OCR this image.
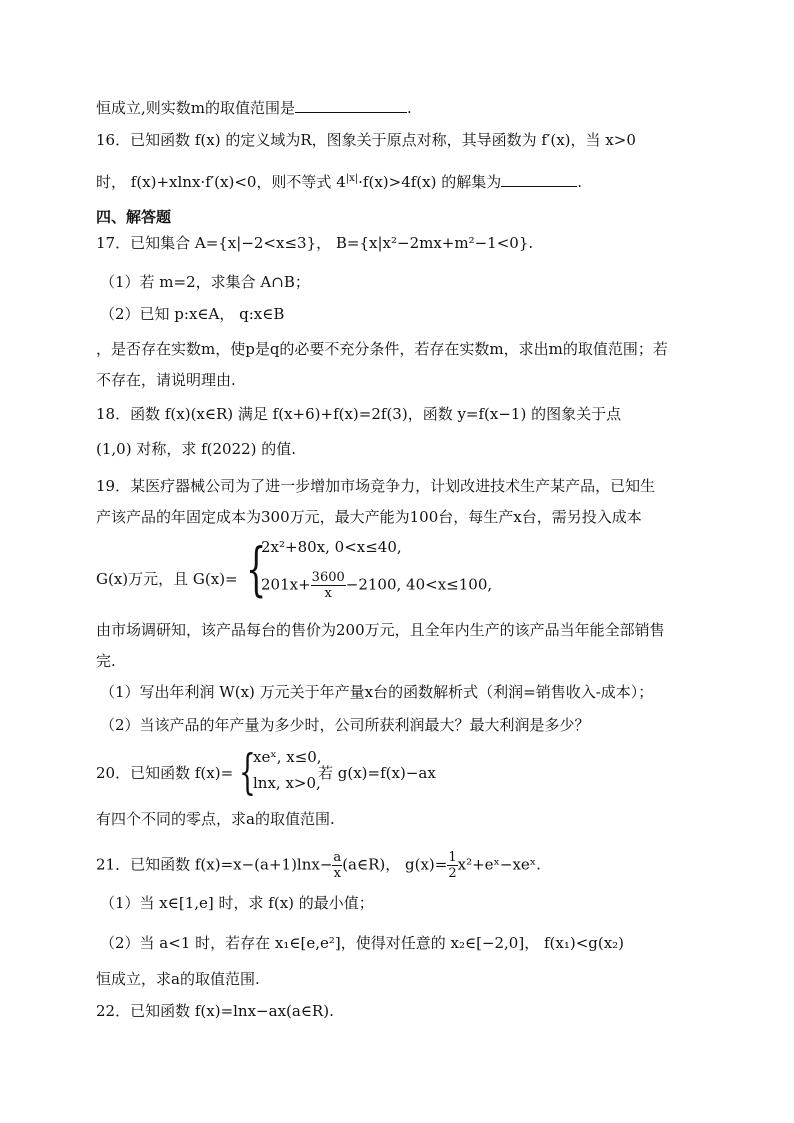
恒成立,则实数m的取值范围是	.
16．已知函数 f(x) 的定义域为R，图象关于原点对称，其导函数为 f′(x)，当 x>0
时， f(x)+xlnx·f′(x)<0，则不等式 $4^{|x|}\cdot f(x)>4f(x)$ 的解集为	.
四、解答题
17．已知集合 A={x|−2<x≤3}， B={x|x²−2mx+m²−1<0}.
（1）若 m=2，求集合 A∩B；
（2）已知 p:x∈A， q:x∈B
，是否存在实数m，使p是q的必要不充分条件，若存在实数m，求出m的取值范围；若
不存在，请说明理由.
18．函数 f(x)(x∈R) 满足 f(x+6)+f(x)=2f(3)，函数 y=f(x−1) 的图象关于点
(1,0) 对称，求 f(2022) 的值.
19．某医疗器械公司为了进一步增加市场竞争力，计划改进技术生产某产品，已知生
产该产品的年固定成本为300万元，最大产能为100台，每生产x台，需另投入成本
G(x)万元，且 G(x)= {
2x²+80x, 0<x≤40,
$201x+ \frac{3600}{x} -2100$, 40<x≤100,
由市场调研知，该产品每台的售价为200万元，且全年内生产的该产品当年能全部销售
完.
（1）写出年利润 W(x) 万元关于年产量x台的函数解析式（利润=销售收入-成本）；
（2）当该产品的年产量为多少时，公司所获利润最大？最大利润是多少？
20．已知函数 f(x)= {
xeˣ, x≤0,
lnx, x>0,
若 g(x)=f(x)−ax
有四个不同的零点，求a的取值范围.
21．已知函数 $f(x)=x-(a+1)\ln x- \frac{a}{x}$ (a∈R)， $g(x)= \frac{1}{2}$ x²+eˣ−xeˣ.
（1）当 x∈[1,e] 时，求 f(x) 的最小值；
（2）当 a<1 时，若存在 x₁∈[e,e²]，使得对任意的 x₂∈[−2,0]， f(x₁)<g(x₂)
恒成立，求a的取值范围.
22．已知函数 f(x)=lnx−ax(a∈R).
